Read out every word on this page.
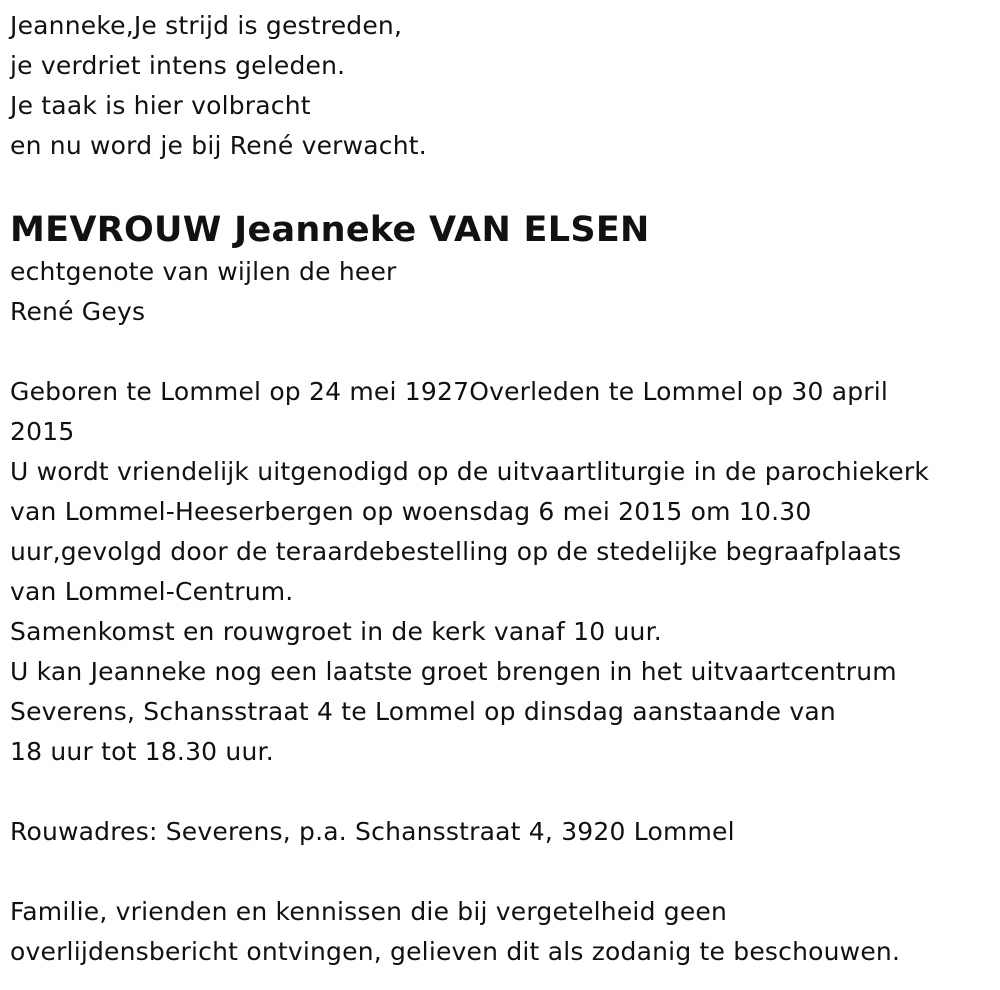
Jeanneke,Je strijd is gestreden,
je verdriet intens geleden.
Je taak is hier volbracht
en nu word je bij René verwacht.
MEVROUW Jeanneke VAN ELSEN
echtgenote van wijlen de heer
René Geys
Geboren te Lommel op 24 mei 1927Overleden te Lommel op 30 april
2015
U wordt vriendelijk uitgenodigd op de uitvaartliturgie in de parochiekerk
van Lommel-Heeserbergen op woensdag 6 mei 2015 om 10.30
uur,gevolgd door de teraardebestelling op de stedelijke begraafplaats
van Lommel-Centrum.
Samenkomst en rouwgroet in de kerk vanaf 10 uur.
U kan Jeanneke nog een laatste groet brengen in het uitvaartcentrum
Severens, Schansstraat 4 te Lommel op dinsdag aanstaande van
18 uur tot 18.30 uur.
Rouwadres: Severens, p.a. Schansstraat 4, 3920 Lommel
Familie, vrienden en kennissen die bij vergetelheid geen
overlijdensbericht ontvingen, gelieven dit als zodanig te beschouwen.
